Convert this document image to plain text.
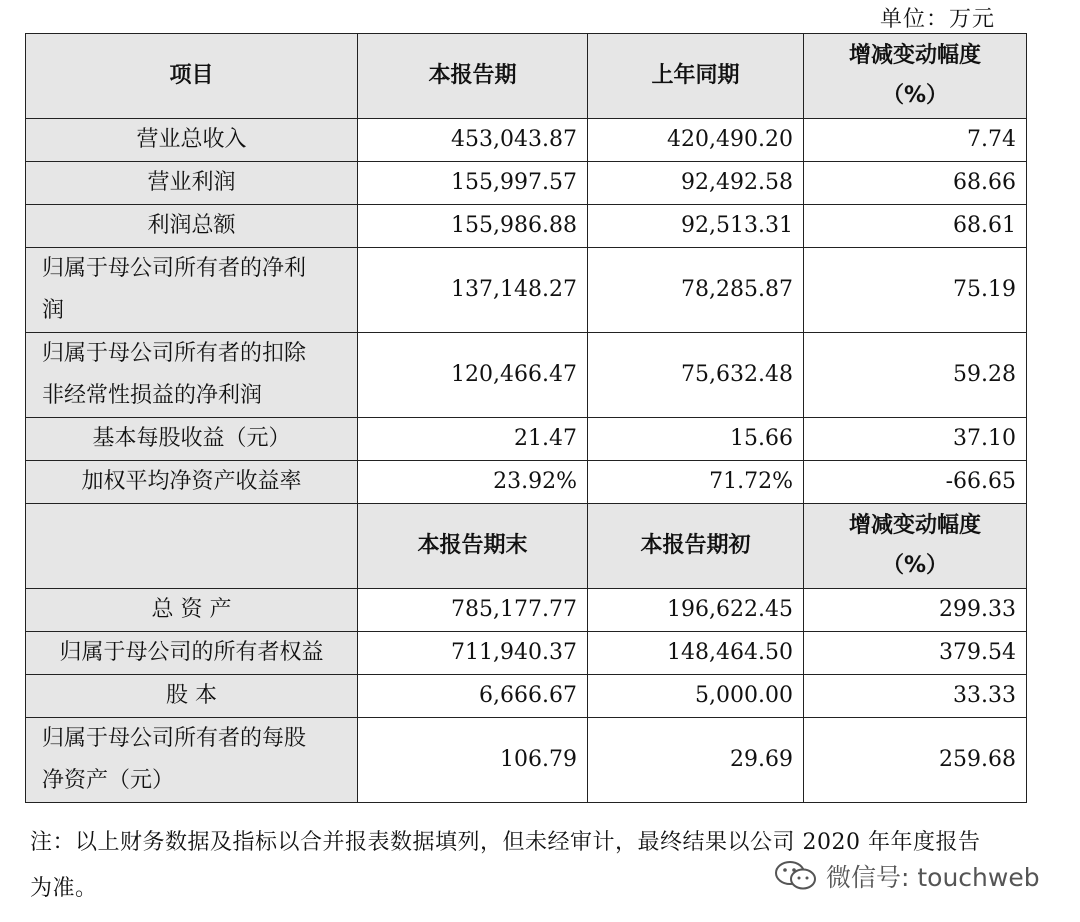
单位：万元
项目	本报告期	上年同期	增减变动幅度
（%）

营业总收入	453,043.87	420,490.20	7.74
营业利润	155,997.57	92,492.58	68.66
利润总额	155,986.88	92,513.31	68.61

归属于母公司所有者的净利
润	137,148.27	78,285.87	75.19

归属于母公司所有者的扣除
非经常性损益的净利润	120,466.47	75,632.48	59.28
基本每股收益（元）	21.47	15.66	37.10
加权平均净资产收益率	23.92%	71.72%	-66.65
	本报告期末	本报告期初	增减变动幅度
（%）

总 资 产	785,177.77	196,622.45	299.33
归属于母公司的所有者权益	711,940.37	148,464.50	379.54
股 本	6,666.67	5,000.00	33.33

归属于母公司所有者的每股
净资产（元）	106.79	29.69	259.68
注：以上财务数据及指标以合并报表数据填列，但未经审计，最终结果以公司 2020 年年度报告
为准。	微信号: touchweb
